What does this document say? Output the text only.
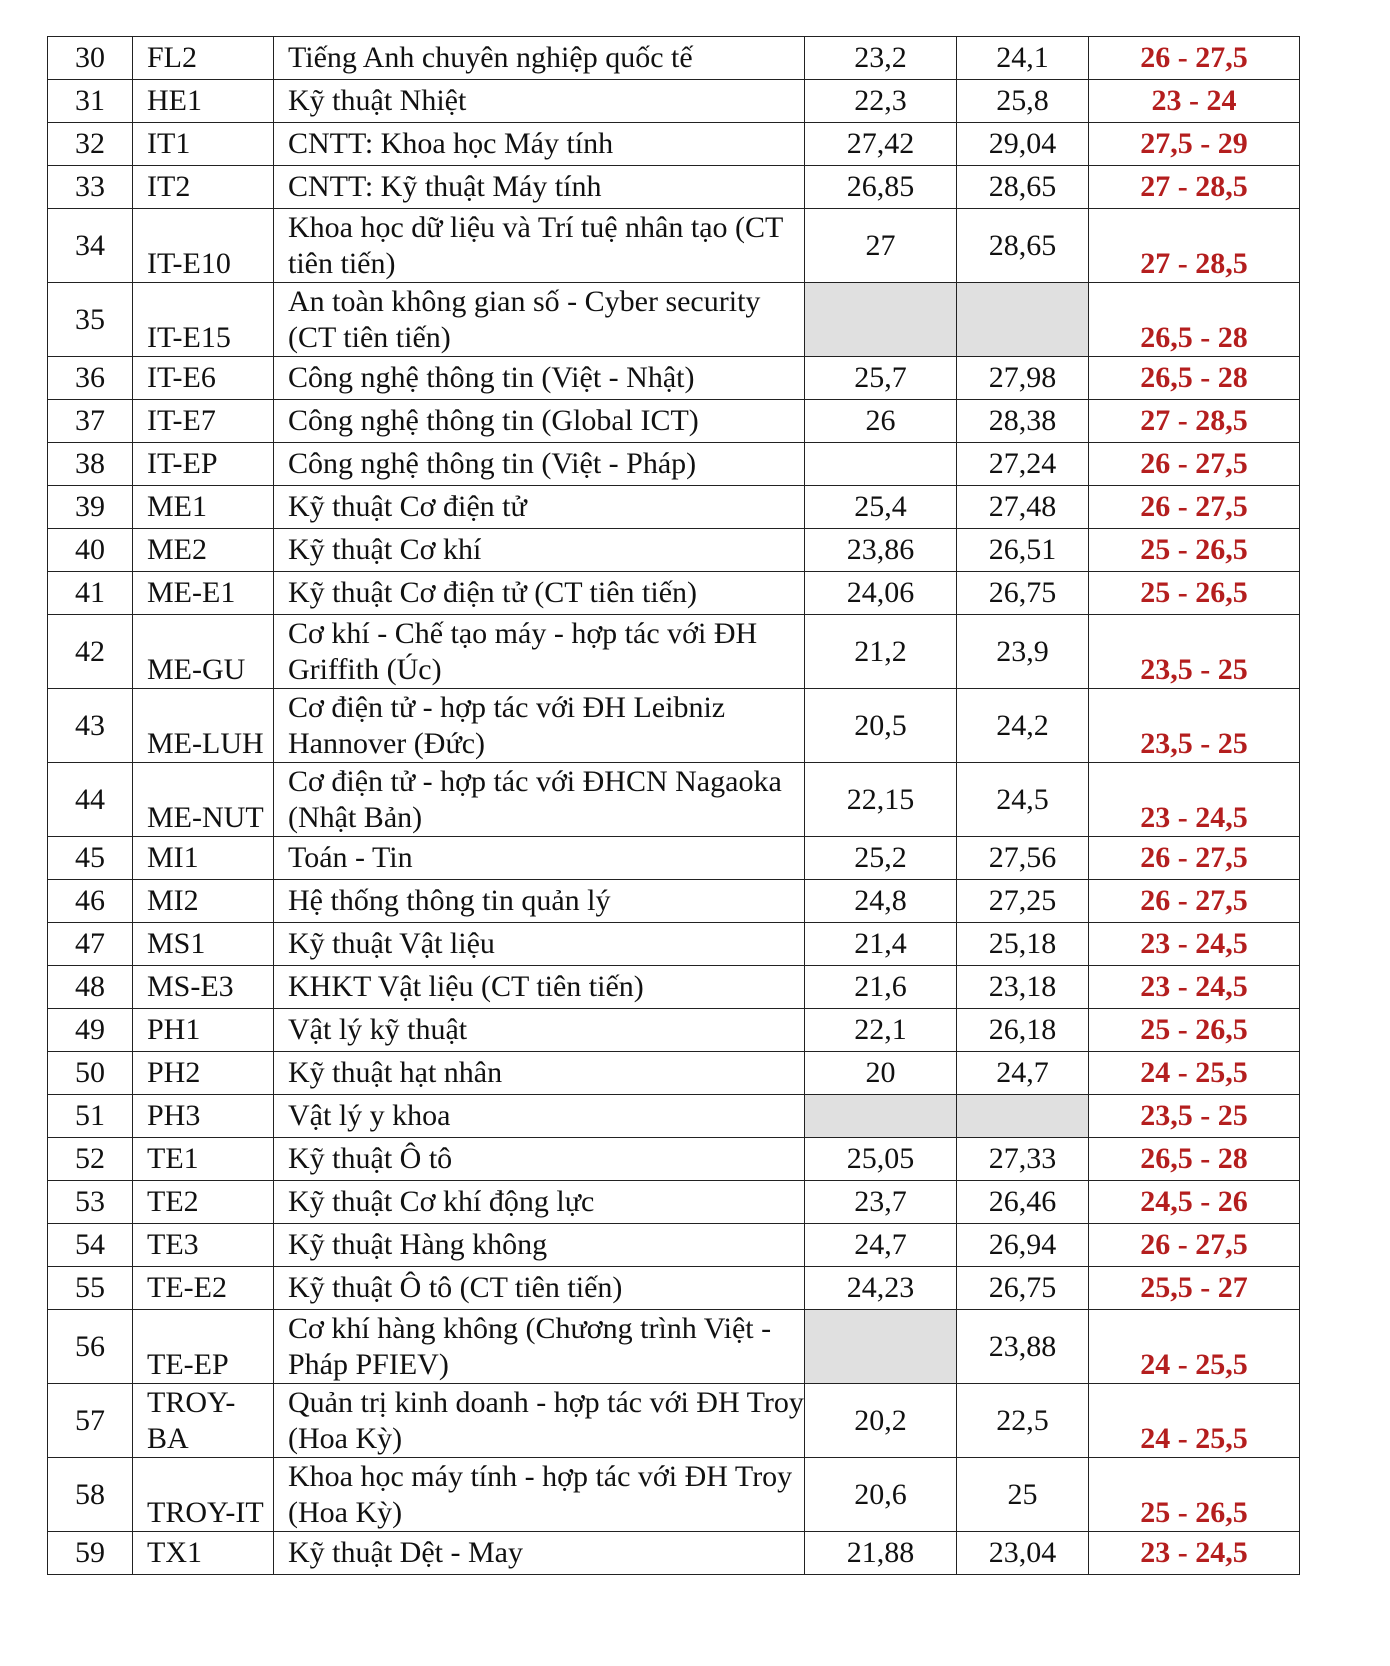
30	FL2	Tiếng Anh chuyên nghiệp quốc tế	23,2	24,1	26 - 27,5
31	HE1	Kỹ thuật Nhiệt	22,3	25,8	23 - 24
32	IT1	CNTT: Khoa học Máy tính	27,42	29,04	27,5 - 29
33	IT2	CNTT: Kỹ thuật Máy tính	26,85	28,65	27 - 28,5
34	IT-E10	Khoa học dữ liệu và Trí tuệ nhân tạo (CT tiên tiến)	27	28,65	27 - 28,5
35	IT-E15	An toàn không gian số - Cyber security (CT tiên tiến)			26,5 - 28
36	IT-E6	Công nghệ thông tin (Việt - Nhật)	25,7	27,98	26,5 - 28
37	IT-E7	Công nghệ thông tin (Global ICT)	26	28,38	27 - 28,5
38	IT-EP	Công nghệ thông tin (Việt - Pháp)		27,24	26 - 27,5
39	ME1	Kỹ thuật Cơ điện tử	25,4	27,48	26 - 27,5
40	ME2	Kỹ thuật Cơ khí	23,86	26,51	25 - 26,5
41	ME-E1	Kỹ thuật Cơ điện tử (CT tiên tiến)	24,06	26,75	25 - 26,5
42	ME-GU	Cơ khí - Chế tạo máy - hợp tác với ĐH Griffith (Úc)	21,2	23,9	23,5 - 25
43	ME-LUH	Cơ điện tử - hợp tác với ĐH Leibniz Hannover (Đức)	20,5	24,2	23,5 - 25
44	ME-NUT	Cơ điện tử - hợp tác với ĐHCN Nagaoka (Nhật Bản)	22,15	24,5	23 - 24,5
45	MI1	Toán - Tin	25,2	27,56	26 - 27,5
46	MI2	Hệ thống thông tin quản lý	24,8	27,25	26 - 27,5
47	MS1	Kỹ thuật Vật liệu	21,4	25,18	23 - 24,5
48	MS-E3	KHKT Vật liệu (CT tiên tiến)	21,6	23,18	23 - 24,5
49	PH1	Vật lý kỹ thuật	22,1	26,18	25 - 26,5
50	PH2	Kỹ thuật hạt nhân	20	24,7	24 - 25,5
51	PH3	Vật lý y khoa			23,5 - 25
52	TE1	Kỹ thuật Ô tô	25,05	27,33	26,5 - 28
53	TE2	Kỹ thuật Cơ khí động lực	23,7	26,46	24,5 - 26
54	TE3	Kỹ thuật Hàng không	24,7	26,94	26 - 27,5
55	TE-E2	Kỹ thuật Ô tô (CT tiên tiến)	24,23	26,75	25,5 - 27
56	TE-EP	Cơ khí hàng không (Chương trình Việt - Pháp PFIEV)		23,88	24 - 25,5
57	TROY-BA	Quản trị kinh doanh - hợp tác với ĐH Troy (Hoa Kỳ)	20,2	22,5	24 - 25,5
58	TROY-IT	Khoa học máy tính - hợp tác với ĐH Troy (Hoa Kỳ)	20,6	25	25 - 26,5
59	TX1	Kỹ thuật Dệt - May	21,88	23,04	23 - 24,5
